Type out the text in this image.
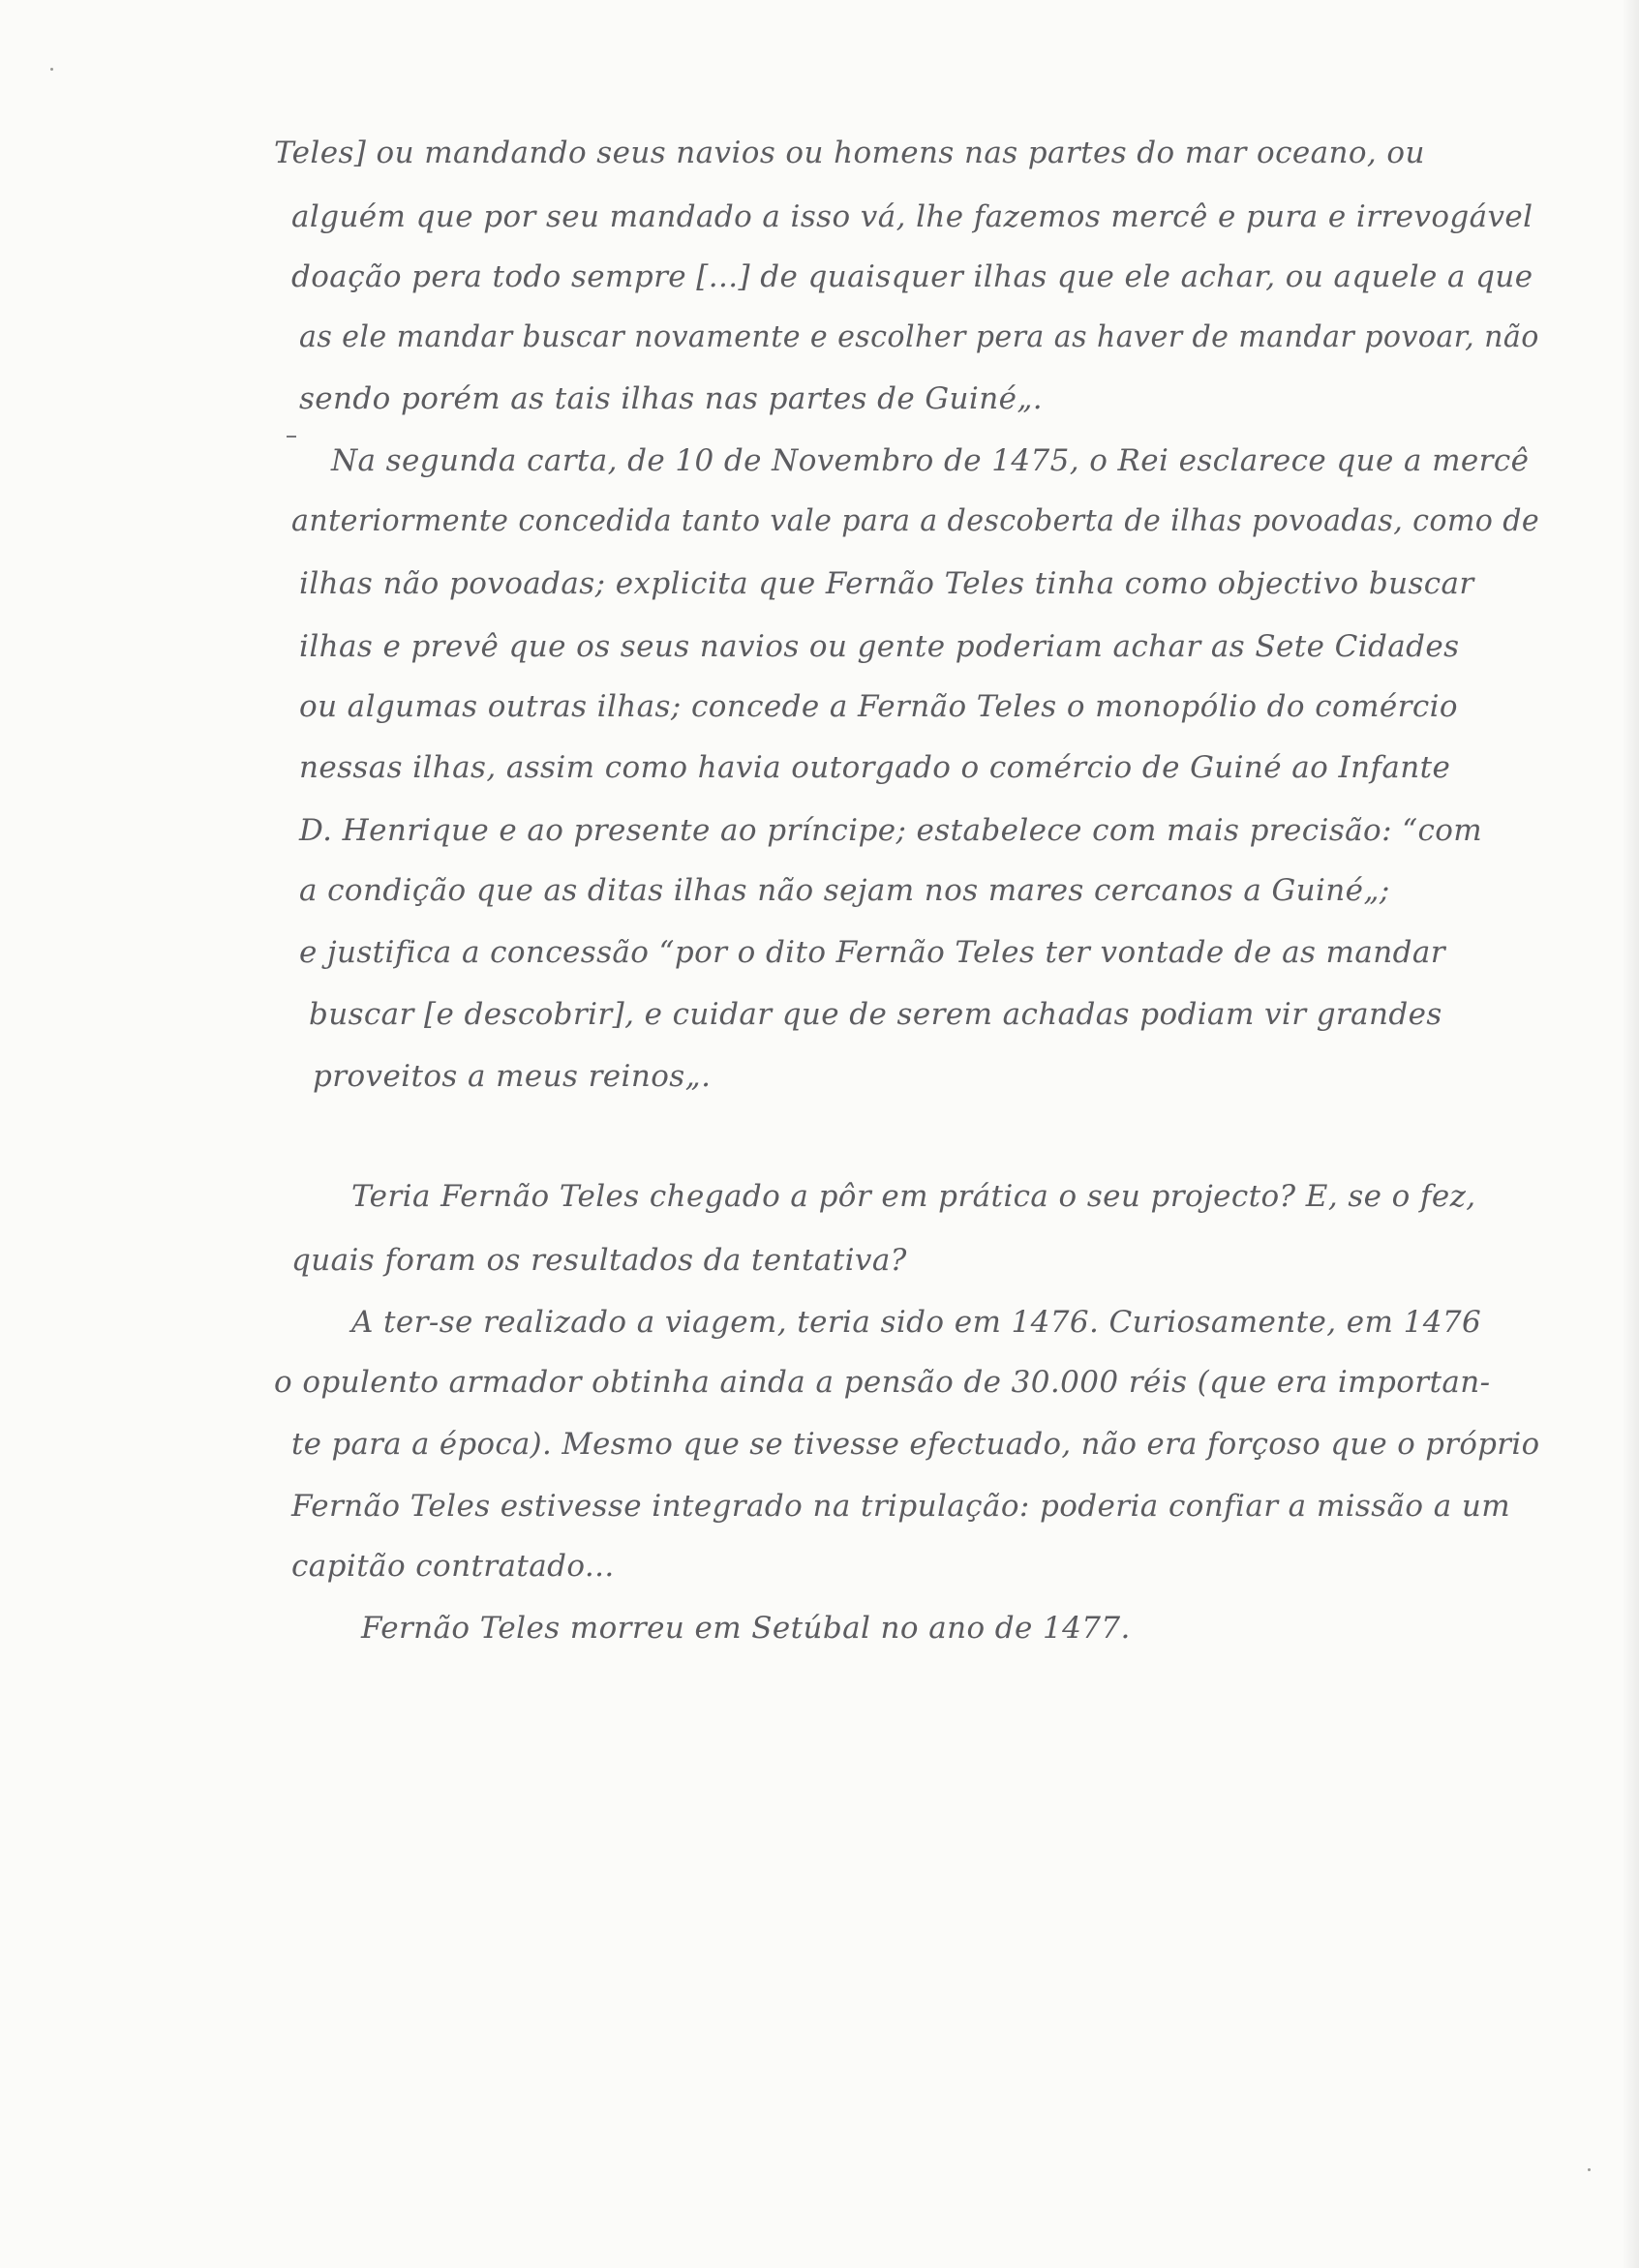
Teles] ou mandando seus navios ou homens nas partes do mar oceano, ou
alguém que por seu mandado a isso vá, lhe fazemos mercê e pura e irrevogável
doação pera todo sempre [...] de quaisquer ilhas que ele achar, ou aquele a que
as ele mandar buscar novamente e escolher pera as haver de mandar povoar, não
sendo porém as tais ilhas nas partes de Guiné„.
Na segunda carta, de 10 de Novembro de 1475, o Rei esclarece que a mercê
anteriormente concedida tanto vale para a descoberta de ilhas povoadas, como de
ilhas não povoadas; explicita que Fernão Teles tinha como objectivo buscar
ilhas e prevê que os seus navios ou gente poderiam achar as Sete Cidades
ou algumas outras ilhas; concede a Fernão Teles o monopólio do comércio
nessas ilhas, assim como havia outorgado o comércio de Guiné ao Infante
D. Henrique e ao presente ao príncipe; estabelece com mais precisão: “com
a condição que as ditas ilhas não sejam nos mares cercanos a Guiné„;
e justifica a concessão “por o dito Fernão Teles ter vontade de as mandar
buscar [e descobrir], e cuidar que de serem achadas podiam vir grandes
proveitos a meus reinos„.
Teria Fernão Teles chegado a pôr em prática o seu projecto? E, se o fez,
quais foram os resultados da tentativa?
A ter-se realizado a viagem, teria sido em 1476. Curiosamente, em 1476
o opulento armador obtinha ainda a pensão de 30.000 réis (que era importan-
te para a época). Mesmo que se tivesse efectuado, não era forçoso que o próprio
Fernão Teles estivesse integrado na tripulação: poderia confiar a missão a um
capitão contratado...
Fernão Teles morreu em Setúbal no ano de 1477.
